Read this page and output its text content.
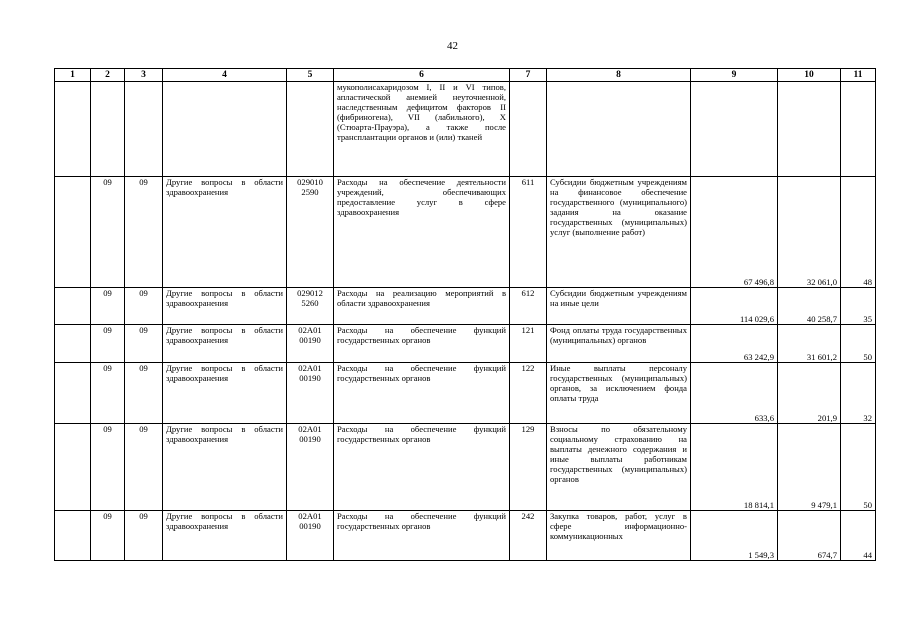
42
1	2	3	4	5	6	7	8	9	10	11
					мукополисахаридозом I, II и VI типов, апластической анемией неуточненной, наследственным дефицитом факторов II (фибриногена), VII (лабильного), X (Стюарта-Прауэра), а также после трансплантации органов и (или) тканей					
	09	09	Другие вопросы в области здравоохранения	029010 2590	Расходы на обеспечение деятельности учреждений, обеспечивающих предоставление услуг в сфере здравоохранения	611	Субсидии бюджетным учреждениям на финансовое обеспечение государственного (муниципального) задания на оказание государственных (муниципальных) услуг (выполнение работ)	67 496,8	32 061,0	48
	09	09	Другие вопросы в области здравоохранения	029012 5260	Расходы на реализацию мероприятий в области здравоохранения	612	Субсидии бюджетным учреждениям на иные цели	114 029,6	40 258,7	35
	09	09	Другие вопросы в области здравоохранения	02А01 00190	Расходы на обеспечение функций государственных органов	121	Фонд оплаты труда государственных (муниципальных) органов	63 242,9	31 601,2	50
	09	09	Другие вопросы в области здравоохранения	02А01 00190	Расходы на обеспечение функций государственных органов	122	Иные выплаты персоналу государственных (муниципальных) органов, за исключением фонда оплаты труда	633,6	201,9	32
	09	09	Другие вопросы в области здравоохранения	02А01 00190	Расходы на обеспечение функций государственных органов	129	Взносы по обязательному социальному страхованию на выплаты денежного содержания и иные выплаты работникам государственных (муниципальных) органов	18 814,1	9 479,1	50
	09	09	Другие вопросы в области здравоохранения	02А01 00190	Расходы на обеспечение функций государственных органов	242	Закупка товаров, работ, услуг в сфере информационно-коммуникационных	1 549,3	674,7	44
